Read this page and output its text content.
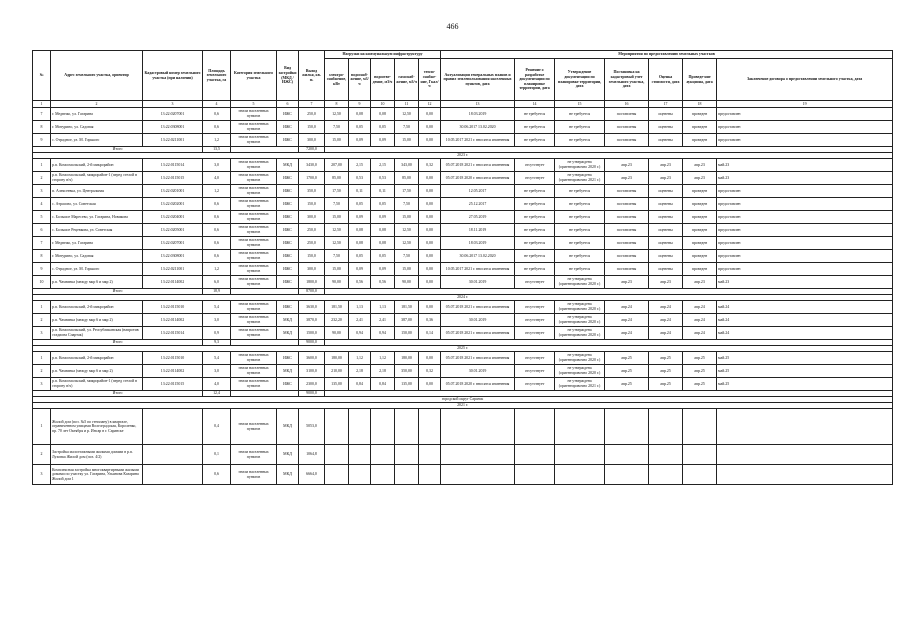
466
№	Адрес земельного участка, ориентир	Кадастровый номер земельного участка (при наличии)	Площадь земельного участка, га	Категория земельного участка	Вид застройки (МКД / ИЖС)	Выход жилья, кв. м.	Нагрузки на коммунальную инфраструктуру					Мероприятия по предоставлению земельных участков						
							электро-снабжение, кВт	водоснаб-жение, м3/ч	водоотве-дение, м3/ч	газоснаб-жение, м3/ч	тепло-снабже-ние, Гкал/ч	Актуализация генеральных планов и правил землепользования населенных пунктов, дата	Решение о разработке документации по планировке территории, дата	Утверждение документации по планировке территории, дата	Постановка на кадастровый учет земельного участка, дата	Оценка стоимости, дата	Проведе-ние аукциона, дата	Заключение договора о предоставлении земельного участка, дата
1	2	3	4	5	6	7	8	9	10	11	12	13	14	15	16	17	18	19
7	г. Медвежо, ул. Гагарина	13:22:0207001	0,6	земли населенных пунктов	ИЖС	250,0	12,50	0,08	0,08	12,50	0,00	18.03.2019	не требуется	не требуется	поставлены	оценены	проведен	предоставлен
8	г. Митурино, ул. Садовая	13:22:0308001	0,6	земли населенных пунктов	ИЖС	150,0	7,50	0,05	0,05	7,50	0,00	30.06.2017 13.02.2020	не требуется	не требуется	поставлены	оценены	проведен	предоставлен
9	с. Отрадное, ул. М. Горького	13:22:0211001	1,2	земли населенных пунктов	ИЖС	300,0	15,00	0,09	0,09	15,00	0,00	10.05.2017 2021 г. вносятся изменения	не требуется	не требуется	поставлены	оценены	проведен	предоставлен
Итого			13,5			7200,0												
2023 г.																		
1	р.п. Комсомольский, 2-й микрорайон	13:22:0115014	3,0	земли населенных пунктов	МКД	3430,0	207,00	2,15	2,15	343,00	0,32	05.07.2018 2021 г. вносятся изменения	отсутствует	не утверждена (ориентировочно 2020 г.)	апр.23	апр.23	апр.23	май.23
2	р.п. Комсомольский, микрорайон-1 (перед стелой в сторону в/ч)	13:22:0115015	4,0	земли населенных пунктов	ИЖС	1700,0	85,00	0,53	0,53	85,00	0,00	05.07.2018 2020 г. вносятся изменения	отсутствует	не утверждена (ориентировочно 2021 г.)	апр.23	апр.23	апр.23	май.23
3	п. Алексеевка, ул. Центральная	13:22:0201001	1,2	земли населенных пунктов	ИЖС	350,0	17,50	0,11	0,11	17,50	0,00	12.05.2017	не требуется	не требуется	поставлены	оценены	проведен	предоставлен
4	с. Атрасово, ул. Советская	13:22:0202001	0,6	земли населенных пунктов	ИЖС	150,0	7,50	0,05	0,05	7,50	0,00	25.12.2017	не требуется	не требуется	поставлены	оценены	проведен	предоставлен
5	с. Большое Маресево, ул. Гагарина, Новикова	13:22:0204001	0,6	земли населенных пунктов	ИЖС	300,0	15,00	0,09	0,09	15,00	0,00	27.05.2019	не требуется	не требуется	поставлены	оценены	проведен	предоставлен
6	с. Большое Рецевкова, ул. Советская	13:22:0205001	0,6	земли населенных пунктов	ИЖС	250,0	12,50	0,08	0,08	12,50	0,00	18.11.2019	не требуется	не требуется	поставлены	оценены	проведен	предоставлен
7	г. Медвежо, ул. Гагарина	13:22:0207001	0,6	земли населенных пунктов	ИЖС	250,0	12,50	0,08	0,08	12,50	0,00	18.03.2019	не требуется	не требуется	поставлены	оценены	проведен	предоставлен
8	г. Митурино, ул. Садовая	13:22:0308001	0,6	земли населенных пунктов	ИЖС	150,0	7,50	0,05	0,05	7,50	0,00	30.06.2017 13.02.2020	не требуется	не требуется	поставлены	оценены	проведен	предоставлен
9	с. Отрадное, ул. М. Горького	13:22:0211001	1,2	земли населенных пунктов	ИЖС	300,0	15,00	0,09	0,09	15,00	0,00	10.05.2017 2021 г. вносятся изменения	не требуется	не требуется	поставлены	оценены	проведен	предоставлен
10	р.п. Чамзинка (между мкр 6 и мкр 2)	13:22:0114002	6,0	земли населенных пунктов	ИЖС	1800,0	90,00	0,56	0,56	90,00	0,00	30.01.2019	отсутствует	не утверждена (ориентировочно 2020 г.)	апр.23	апр.23	апр.23	май.23
Итого			18,9			8700,0												
2024 г.																		
1	р.п. Комсомольский, 2-й микрорайон	13:22:0115010	5,4	земли населенных пунктов	ИЖС	3630,0	181,50	1,13	1,13	181,50	0,00	05.07.2018 2021 г. вносятся изменения	отсутствует	не утверждена (ориентировочно 2020 г.)	апр.24	апр.24	апр.24	май.24
2	р.п. Чамзинка (между мкр 6 и мкр 2)	13:22:0114002	3,0	земли населенных пунктов	МКД	3870,0	232,20	2,41	2,41	387,00	0,36	30.01.2019	отсутствует	не утверждена (ориентировочно 2020 г.)	апр.24	апр.24	апр.24	май.24
3	р.п. Комсомольский, ул. Республиканская (напротив стадиона Спартак)	13:22:0115014	0,9	земли населенных пунктов	МКД	1500,0	90,00	0,94	0,94	150,00	0,14	05.07.2018 2021 г. вносятся изменения	отсутствует	не утверждена (ориентировочно 2020 г.)	апр.24	апр.24	апр.24	май.24
Итого			9,3			9000,0												
2025 г.																		
1	р.п. Комсомольский, 2-й микрорайон	13:22:0115010	5,4	земли населенных пунктов	ИЖС	3600,0	180,00	1,12	1,12	180,00	0,00	05.07.2018 2021 г. вносятся изменения	отсутствует	не утверждена (ориентировочно 2020 г.)	апр.25	апр.25	апр.25	май.25
2	р.п. Чамзинка (между мкр 6 и мкр 2)	13:22:0114002	3,0	земли населенных пунктов	МКД	3100,0	210,00	2,18	2,18	350,00	0,32	30.01.2019	отсутствует	не утверждена (ориентировочно 2020 г.)	апр.25	апр.25	апр.25	май.25
3	р.п. Комсомольский, микрорайон-1 (перед стелой в сторону в/ч)	13:22:0115015	4,0	земли населенных пунктов	ИЖС	2300,0	135,00	0,84	0,84	135,00	0,00	05.07.2018 2020 г. вносятся изменения	отсутствует	не утверждена (ориентировочно 2021 г.)	апр.25	апр.25	апр.25	май.25
Итого			12,4			9000,0												
городской округ Саранск																		
2021 г.																		
1	Жилой дом (поз. №5 по генплану) в квартале, ограниченном улицами Волгоградская, Короленко, пр. 70 лет Октября и р. Инсар в г. Саранске		0,4	земли населенных пунктов	МКД	5053,0												
2	Застройка малоэтажными жилыми домами в р.п. Луховка Жилой дом (поз. 4/2)		0,1	земли населенных пунктов	МКД	1064,8												
3	Комплексная застройка многоквартирными жилыми домами по участку ул. Гагарина, Ульянова Казарина Жилой дом 1		0,6	земли населенных пунктов	МКД	6664,0												
